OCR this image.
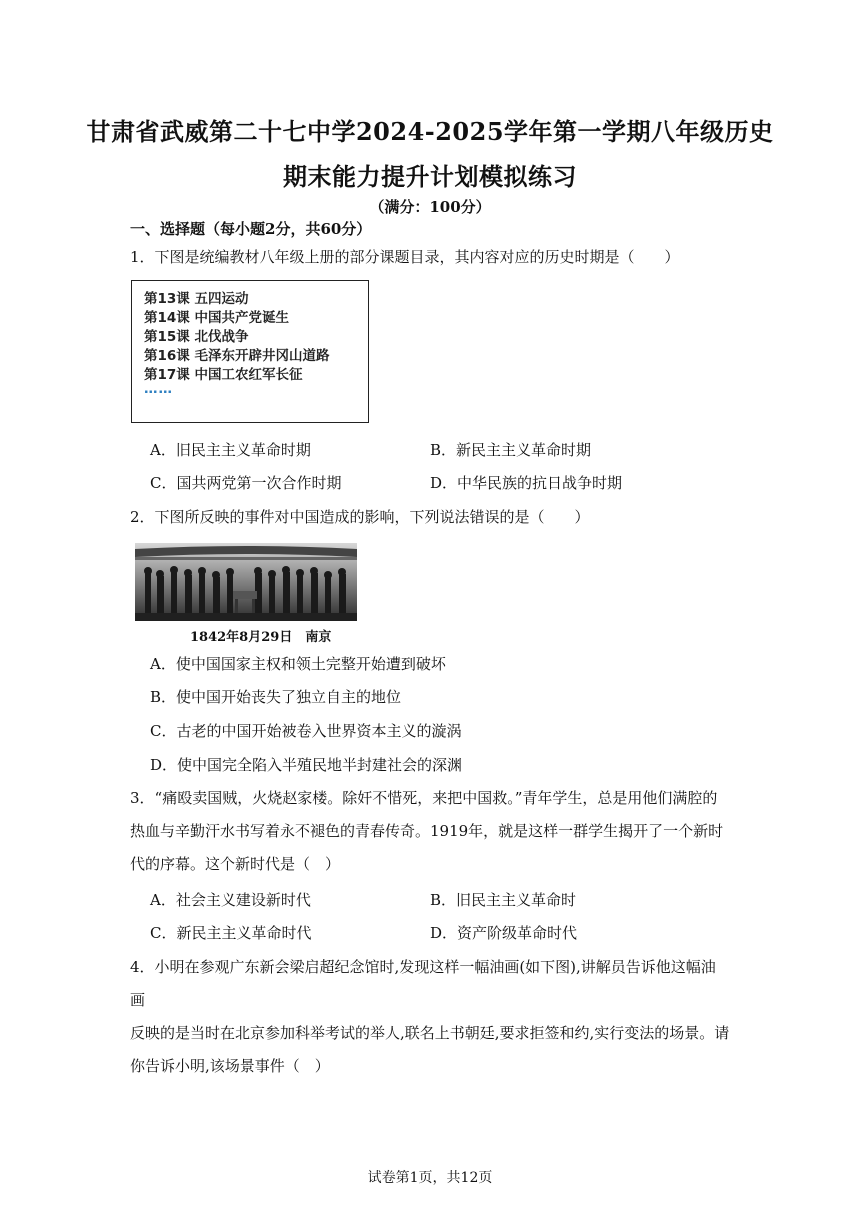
甘肃省武威第二十七中学2024-2025学年第一学期八年级历史
期末能力提升计划模拟练习
（满分：100分）
一、选择题（每小题2分，共60分）
1．下图是统编教材八年级上册的部分课题目录，其内容对应的历史时期是（　　）
第13课 五四运动
第14课 中国共产党诞生
第15课 北伐战争
第16课 毛泽东开辟井冈山道路
第17课 中国工农红军长征
……
A．旧民主主义革命时期	B．新民主主义革命时期
C．国共两党第一次合作时期	D．中华民族的抗日战争时期
2．下图所反映的事件对中国造成的影响，下列说法错误的是（　　）
1842年8月29日　南京
A．使中国国家主权和领土完整开始遭到破坏
B．使中国开始丧失了独立自主的地位
C．古老的中国开始被卷入世界资本主义的漩涡
D．使中国完全陷入半殖民地半封建社会的深渊
3．“痛殴卖国贼，火烧赵家楼。除奸不惜死，来把中国救。”青年学生，总是用他们满腔的
热血与辛勤汗水书写着永不褪色的青春传奇。1919年，就是这样一群学生揭开了一个新时
代的序幕。这个新时代是（　）
A．社会主义建设新时代	B．旧民主主义革命时
C．新民主主义革命时代	D．资产阶级革命时代
4．小明在参观广东新会梁启超纪念馆时,发现这样一幅油画(如下图),讲解员告诉他这幅油画
反映的是当时在北京参加科举考试的举人,联名上书朝廷,要求拒签和约,实行变法的场景。请
你告诉小明,该场景事件（　）
试卷第1页，共12页
